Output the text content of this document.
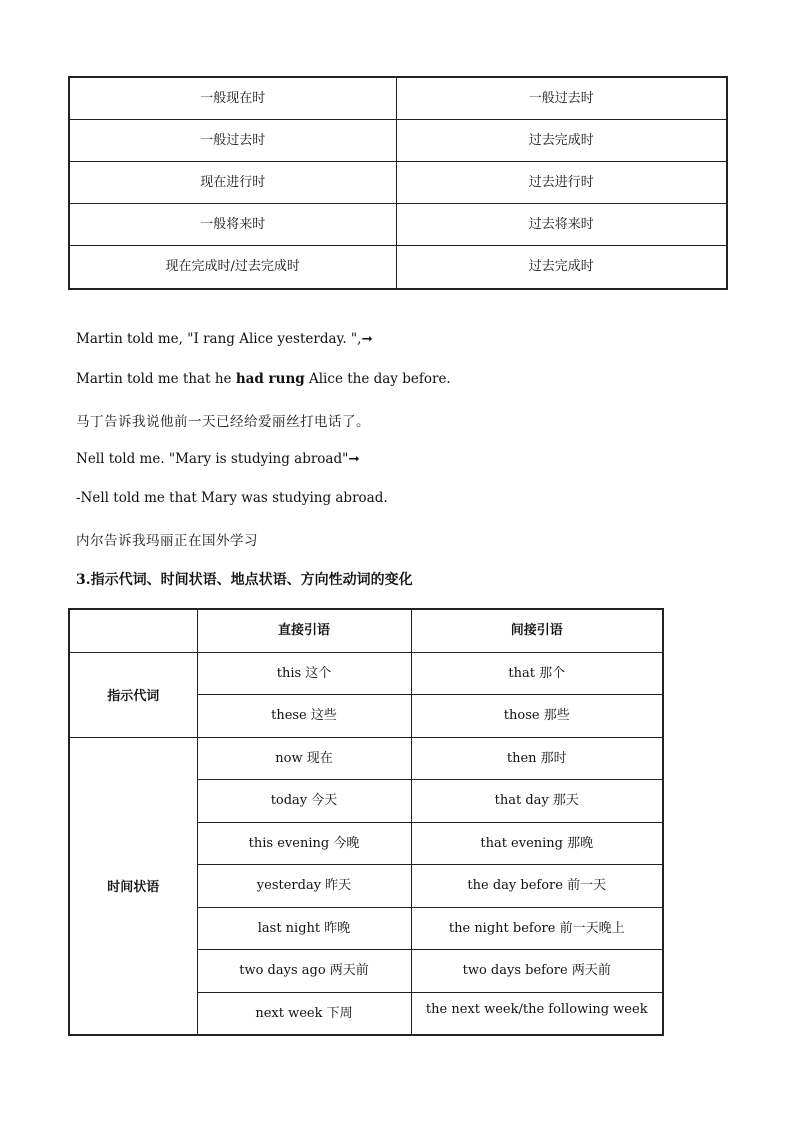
一般现在时	一般过去时

一般过去时	过去完成时

现在进行时	过去进行时

一般将来时	过去将来时

现在完成时/过去完成时	过去完成时
Martin told me, "I rang Alice yesterday. ",➞
Martin told me that he had rung Alice the day before.
马丁告诉我说他前一天已经给爱丽丝打电话了。
Nell told me. "Mary is studying abroad"➞
-Nell told me that Mary was studying abroad.
内尔告诉我玛丽正在国外学习
3.指示代词、时间状语、地点状语、方向性动词的变化

	直接引语	间接引语

指示代词	this 这个	that 那个

	these 这些	those 那些

时间状语	now 现在	then 那时

	today 今天	that day 那天

	this evening 今晚	that evening 那晚

	yesterday 昨天	the day before 前一天

	last night 昨晚	the night before 前一天晚上

	two days ago 两天前	two days before 两天前

	next week 下周	the next week/the following week
